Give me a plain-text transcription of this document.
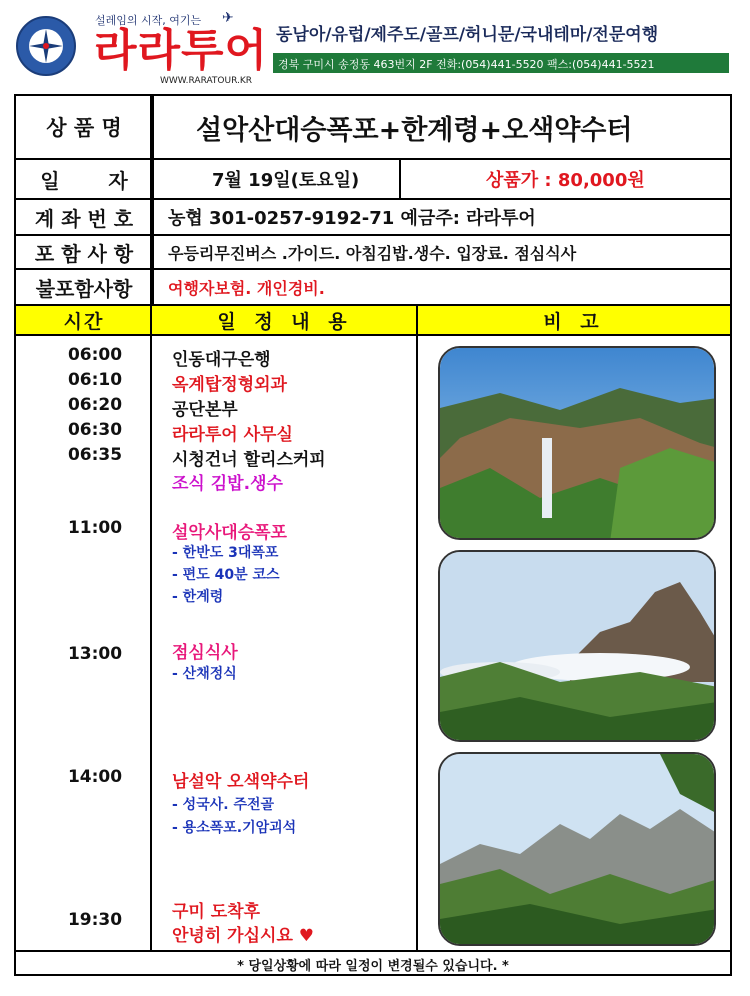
설레임의 시작, 여기는 ✈
라라투어
WWW.RARATOUR.KR
동남아/유럽/제주도/골프/허니문/국내테마/전문여행
경북 구미시 송정동 463번지 2F 전화:(054)441-5520 팩스:(054)441-5521
상 품 명	설악산대승폭포+한계령+오색약수터
일       자	7월 19일(토요일)	상품가 : 80,000원
계 좌 번 호	농협 301-0257-9192-71 예금주: 라라투어
포 함 사 항	우등리무진버스 .가이드. 아침김밥.생수. 입장료. 점심식사
불포함사항	여행자보험. 개인경비.
시간	일 정 내 용	비 고
06:00	인동대구은행
06:10	옥계탑정형외과
06:20	공단본부
06:30	라라투어 사무실
06:35	시청건너 할리스커피
조식 김밥.생수
11:00	설악사대승폭포
- 한반도 3대폭포
- 편도 40분 코스
- 한계령
13:00	점심식사
- 산채정식
14:00	남설악 오색약수터
- 성국사. 주전골
- 용소폭포.기암괴석
19:30	구미 도착후
안녕히 가십시요 ♥
* 당일상황에 따라 일정이 변경될수 있습니다. *
